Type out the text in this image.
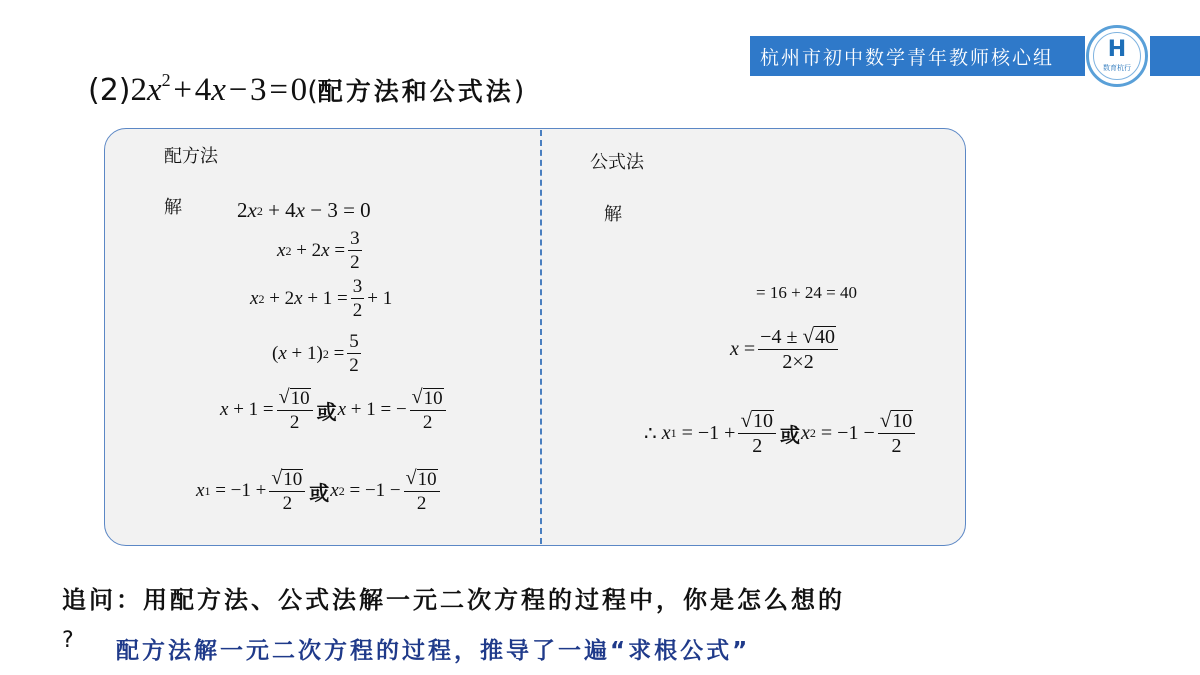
杭州市初中数学青年教师核心组 H
数育杭行
(2) $2x^2$ + 4x − 3 = 0 ( 配方法和公式法 )
配方法
解	2 x 2 + 4 x − 3 = 0
x 2 + 2 $x = \frac{3}{2}$
x 2 + 2 $x + 1 = \frac{3}{2} + 1$
( x + 1) $2 = \frac{5}{2}$
$x + 1 = \frac{√ 10}{2}$ 或 x + 1 = − $\frac{√ 10}{2}$
x $1 = -1 + \frac{√ 10}{2}$ 或 x $2 = -1 - \frac{√ 10}{2}$
公式法
解
= 16 + 24 = 40
$x = \frac{-4 \pm √ 40}{2\times 2}$
∴ x $1 = -1 + \frac{√ 10}{2}$ 或 x $2 = -1 - \frac{√ 10}{2}$
追问：用配方法、公式法解一元二次方程的过程中，你是怎么想的
? 配方法解一元二次方程的过程，推导了一遍“求根公式”
